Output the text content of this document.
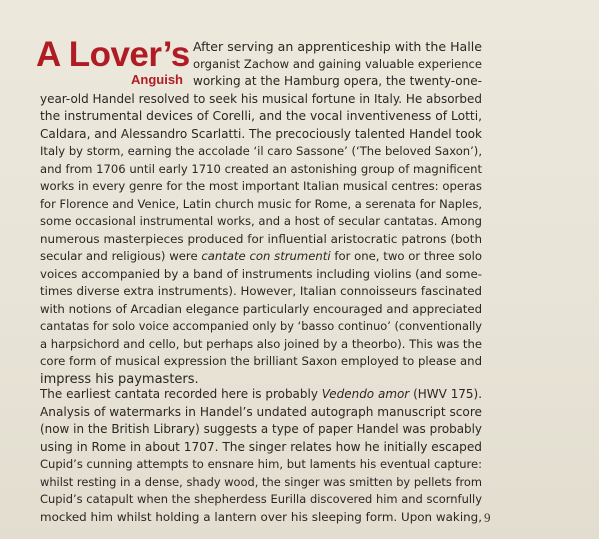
A Lover’s
Anguish
After serving an apprenticeship with the Halle
organist Zachow and gaining valuable experience
working at the Hamburg opera, the twenty-one-
year-old Handel resolved to seek his musical fortune in Italy. He absorbed
the instrumental devices of Corelli, and the vocal inventiveness of Lotti,
Caldara, and Alessandro Scarlatti. The precociously talented Handel took
Italy by storm, earning the accolade ‘il caro Sassone’ (‘The beloved Saxon’),
and from 1706 until early 1710 created an astonishing group of magnificent
works in every genre for the most important Italian musical centres: operas
for Florence and Venice, Latin church music for Rome, a serenata for Naples,
some occasional instrumental works, and a host of secular cantatas. Among
numerous masterpieces produced for influential aristocratic patrons (both
secular and religious) were cantate con strumenti for one, two or three solo
voices accompanied by a band of instruments including violins (and some-
times diverse extra instruments). However, Italian connoisseurs fascinated
with notions of Arcadian elegance particularly encouraged and appreciated
cantatas for solo voice accompanied only by ‘basso continuo’ (conventionally
a harpsichord and cello, but perhaps also joined by a theorbo). This was the
core form of musical expression the brilliant Saxon employed to please and
impress his paymasters.
The earliest cantata recorded here is probably Vedendo amor (HWV 175).
Analysis of watermarks in Handel’s undated autograph manuscript score
(now in the British Library) suggests a type of paper Handel was probably
using in Rome in about 1707. The singer relates how he initially escaped
Cupid’s cunning attempts to ensnare him, but laments his eventual capture:
whilst resting in a dense, shady wood, the singer was smitten by pellets from
Cupid’s catapult when the shepherdess Eurilla discovered him and scornfully
mocked him whilst holding a lantern over his sleeping form. Upon waking, 9
